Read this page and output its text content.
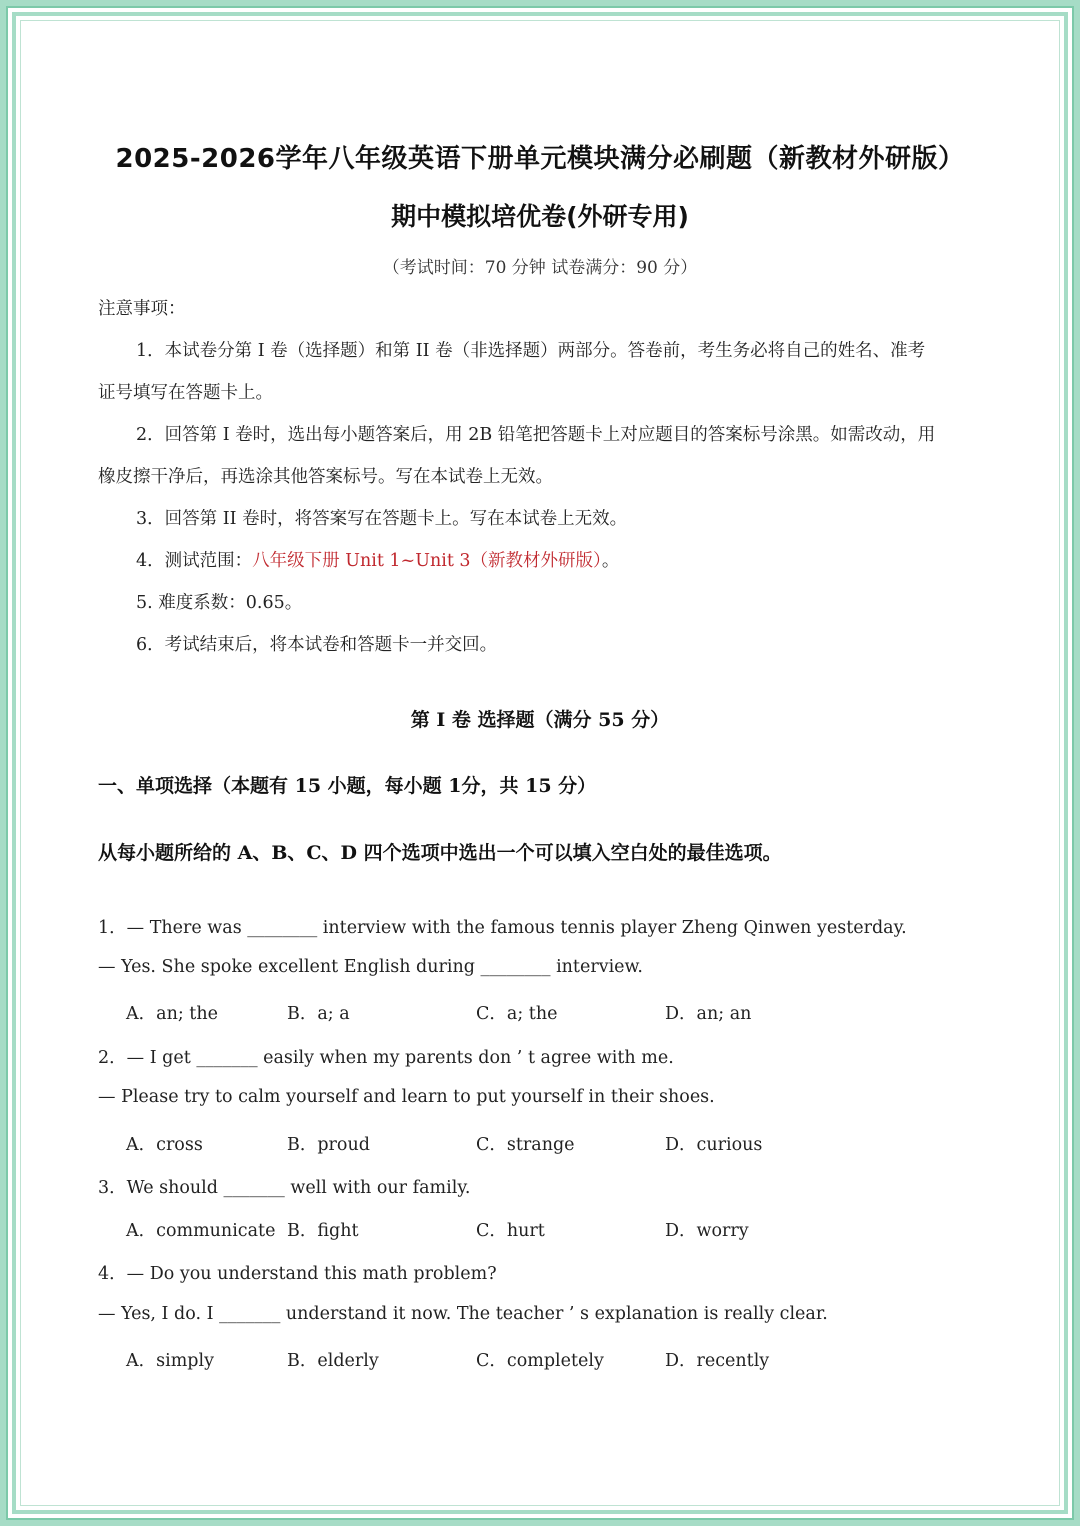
2025-2026学年八年级英语下册单元模块满分必刷题（新教材外研版）
期中模拟培优卷(外研专用)
（考试时间：70 分钟 试卷满分：90 分）
注意事项：
1．本试卷分第 I 卷（选择题）和第 II 卷（非选择题）两部分。答卷前，考生务必将自己的姓名、准考
证号填写在答题卡上。
2．回答第 I 卷时，选出每小题答案后，用 2B 铅笔把答题卡上对应题目的答案标号涂黑。如需改动，用
橡皮擦干净后，再选涂其他答案标号。写在本试卷上无效。
3．回答第 II 卷时，将答案写在答题卡上。写在本试卷上无效。
4．测试范围：八年级下册 Unit 1~Unit 3（新教材外研版）。
5. 难度系数：0.65。
6．考试结束后，将本试卷和答题卡一并交回。
第 I 卷 选择题（满分 55 分）
一、单项选择（本题有 15 小题，每小题 1分，共 15 分）
从每小题所给的 A、B、C、D 四个选项中选出一个可以填入空白处的最佳选项。
1．— There was ________ interview with the famous tennis player Zheng Qinwen yesterday.
— Yes. She spoke excellent English during ________ interview.
A．an; the	B．a; a	C．a; the	D．an; an
2．— I get _______ easily when my parents don ’ t agree with me.
— Please try to calm yourself and learn to put yourself in their shoes.
A．cross	B．proud	C．strange	D．curious
3．We should _______ well with our family.
A．communicate B．fight	C．hurt	D．worry
4．— Do you understand this math problem?
— Yes, I do. I _______ understand it now. The teacher ’ s explanation is really clear.
A．simply	B．elderly	C．completely	D．recently
